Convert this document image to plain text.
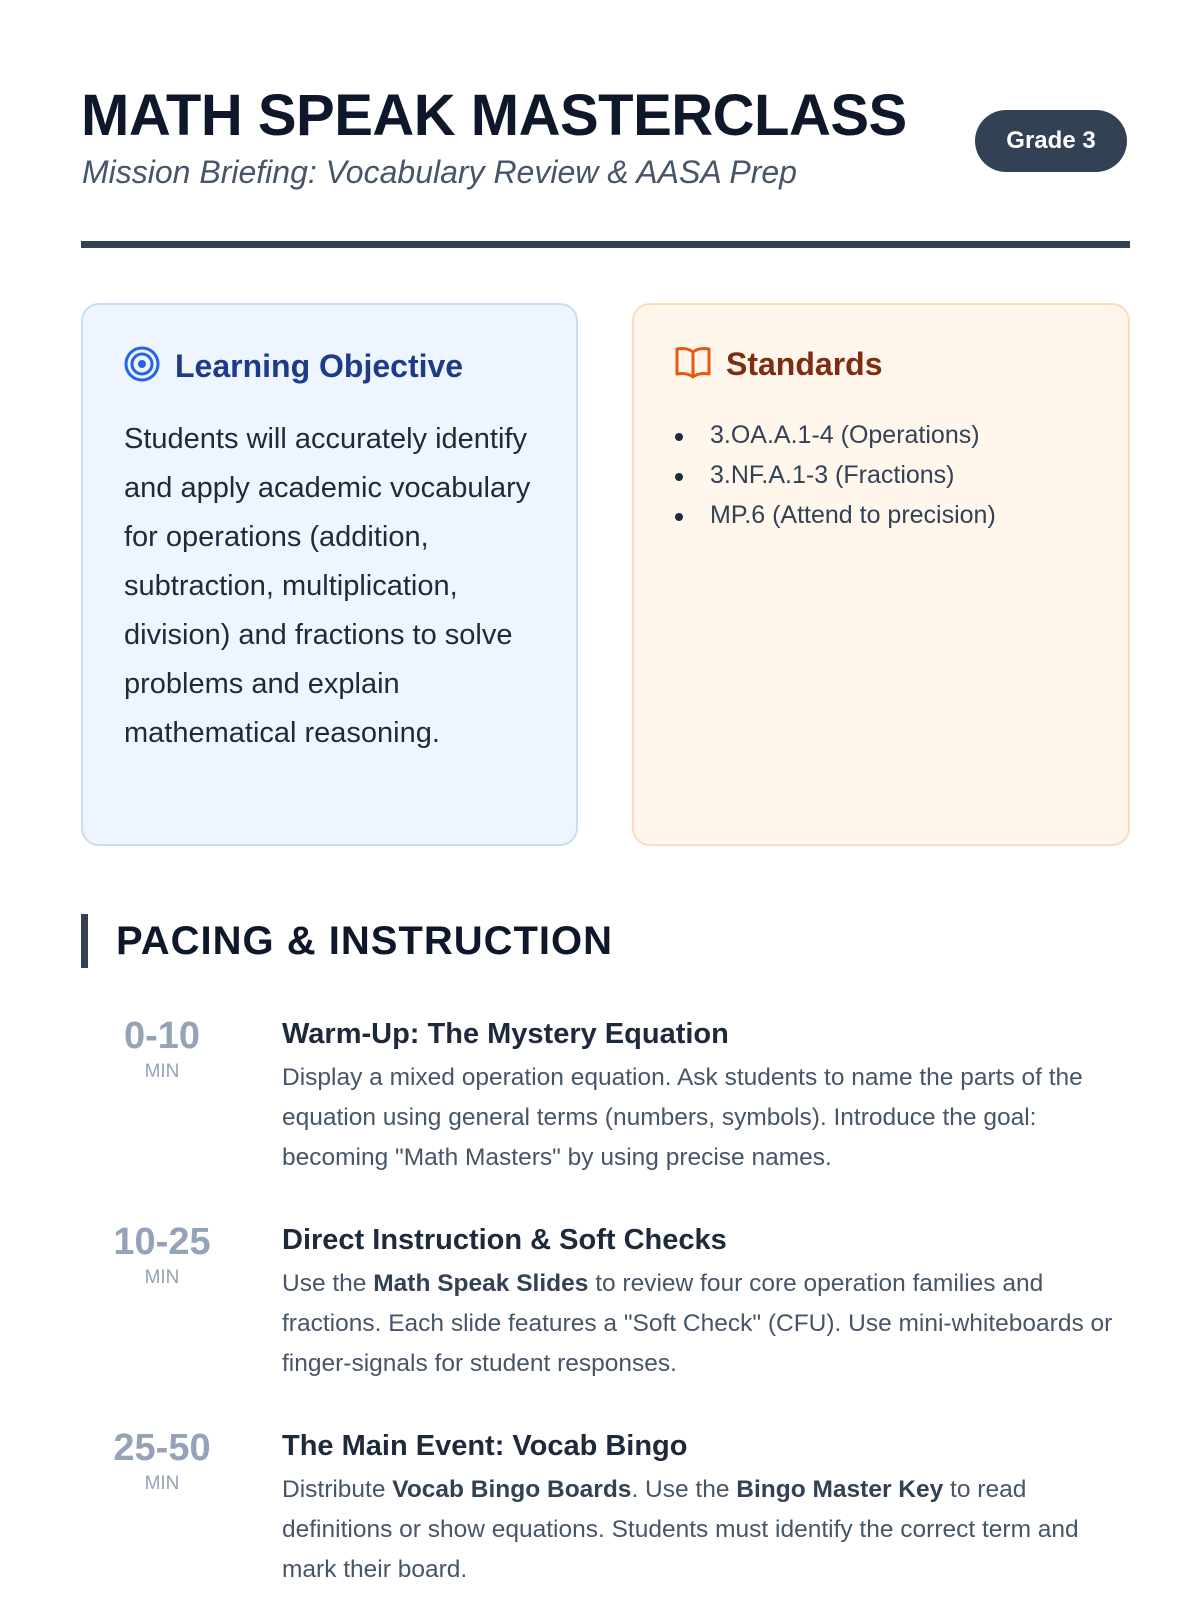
MATH SPEAK MASTERCLASS
Mission Briefing: Vocabulary Review & AASA Prep
Grade 3
Learning Objective

Students will accurately identify and apply academic vocabulary for operations (addition, subtraction, multiplication, division) and fractions to solve problems and explain mathematical reasoning.

Standards
3.OA.A.1-4 (Operations)
3.NF.A.1-3 (Fractions)
MP.6 (Attend to precision)
PACING & INSTRUCTION
0-10
MIN
Warm-Up: The Mystery Equation

Display a mixed operation equation. Ask students to name the parts of the equation using general terms (numbers, symbols). Introduce the goal: becoming "Math Masters" by using precise names.

10-25
MIN
Direct Instruction & Soft Checks

Use the Math Speak Slides to review four core operation families and fractions. Each slide features a "Soft Check" (CFU). Use mini-whiteboards or finger-signals for student responses.

25-50
MIN
The Main Event: Vocab Bingo

Distribute Vocab Bingo Boards. Use the Bingo Master Key to read definitions or show equations. Students must identify the correct term and mark their board.
